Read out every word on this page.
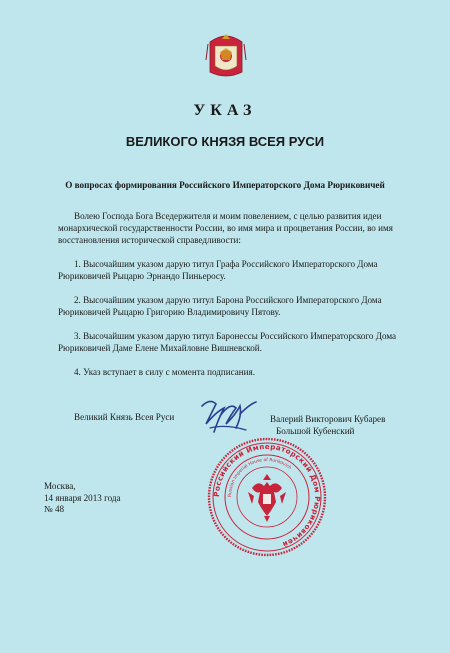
УКАЗ
ВЕЛИКОГО КНЯЗЯ ВСЕЯ РУСИ
О вопросах формирования Российского Императорского Дома Рюриковичей

Волею Господа Бога Вседержителя и моим повелением, с целью развития идеи монархической государственности России, во имя мира и процветания России, во имя восстановления исторической справедливости:

1. Высочайшим указом дарую титул Графа Российского Императорского Дома Рюриковичей Рыцарю Эрнандо Пиньеросу.

2. Высочайшим указом дарую титул Барона Российского Императорского Дома Рюриковичей Рыцарю Григорию Владимировичу Пятову.

3. Высочайшим указом дарую титул Баронессы Российского Императорского Дома Рюриковичей Даме Елене Михайловне Вишневской.

4. Указ вступает в силу с момента подписания.

Великий Князь Всея Руси	Валерий Викторович Кубарев
Большой Кубенский
Российский Императорский Дом Рюриковичей
Russian Imperial House of Rurikovich
Москва,
14 января 2013 года
№ 48
